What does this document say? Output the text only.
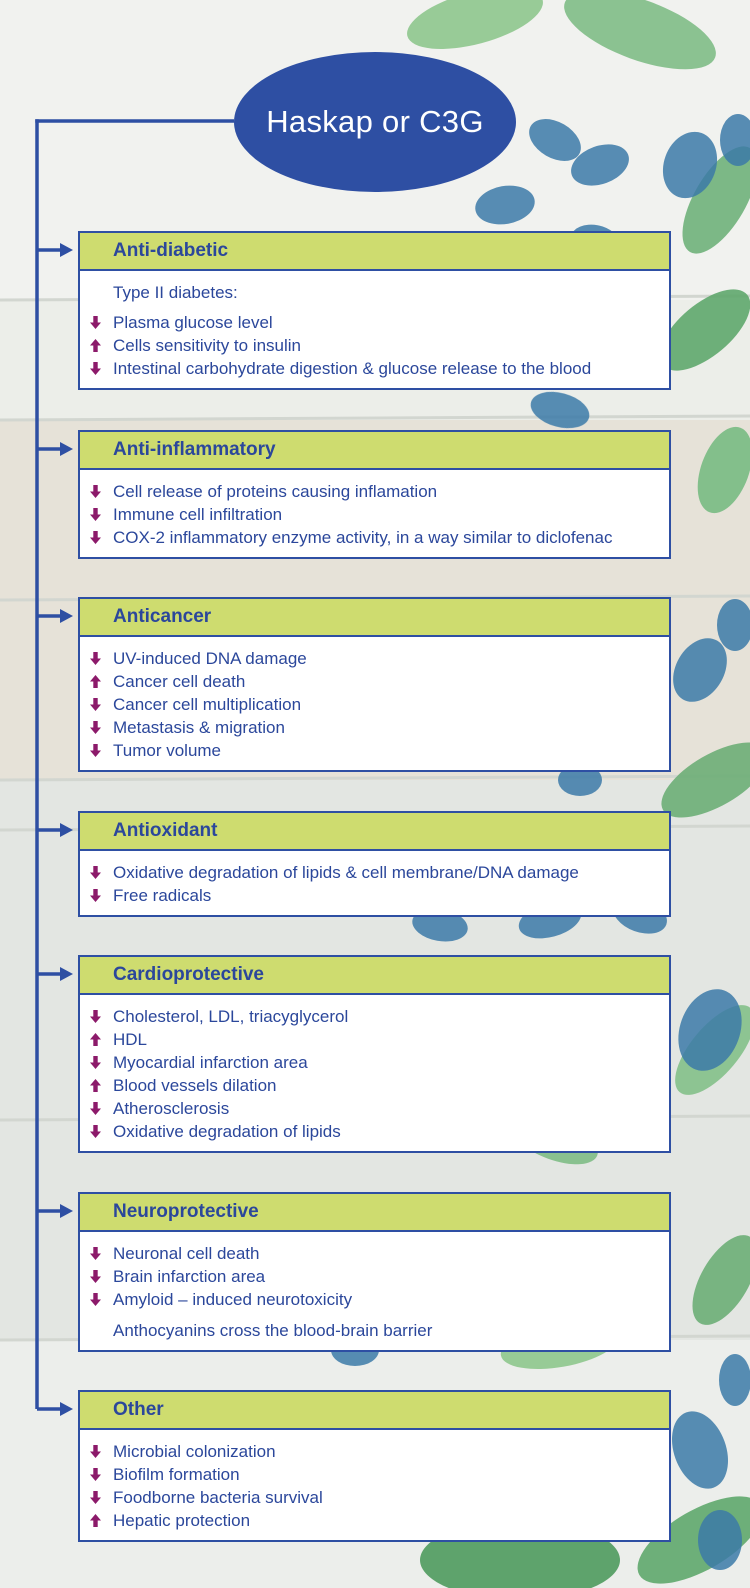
Haskap or C3G
Anti-diabetic
Type II diabetes:
Plasma glucose level
Cells sensitivity to insulin
Intestinal carbohydrate digestion & glucose release to the blood
Anti-inflammatory
Cell release of proteins causing inflamation
Immune cell infiltration
COX-2 inflammatory enzyme activity, in a way similar to diclofenac
Anticancer
UV-induced DNA damage
Cancer cell death
Cancer cell multiplication
Metastasis & migration
Tumor volume
Antioxidant
Oxidative degradation of lipids & cell membrane/DNA damage
Free radicals
Cardioprotective
Cholesterol, LDL, triacyglycerol
HDL
Myocardial infarction area
Blood vessels dilation
Atherosclerosis
Oxidative degradation of lipids
Neuroprotective
Neuronal cell death
Brain infarction area
Amyloid – induced neurotoxicity
Anthocyanins cross the blood-brain barrier
Other
Microbial colonization
Biofilm formation
Foodborne bacteria survival
Hepatic protection
